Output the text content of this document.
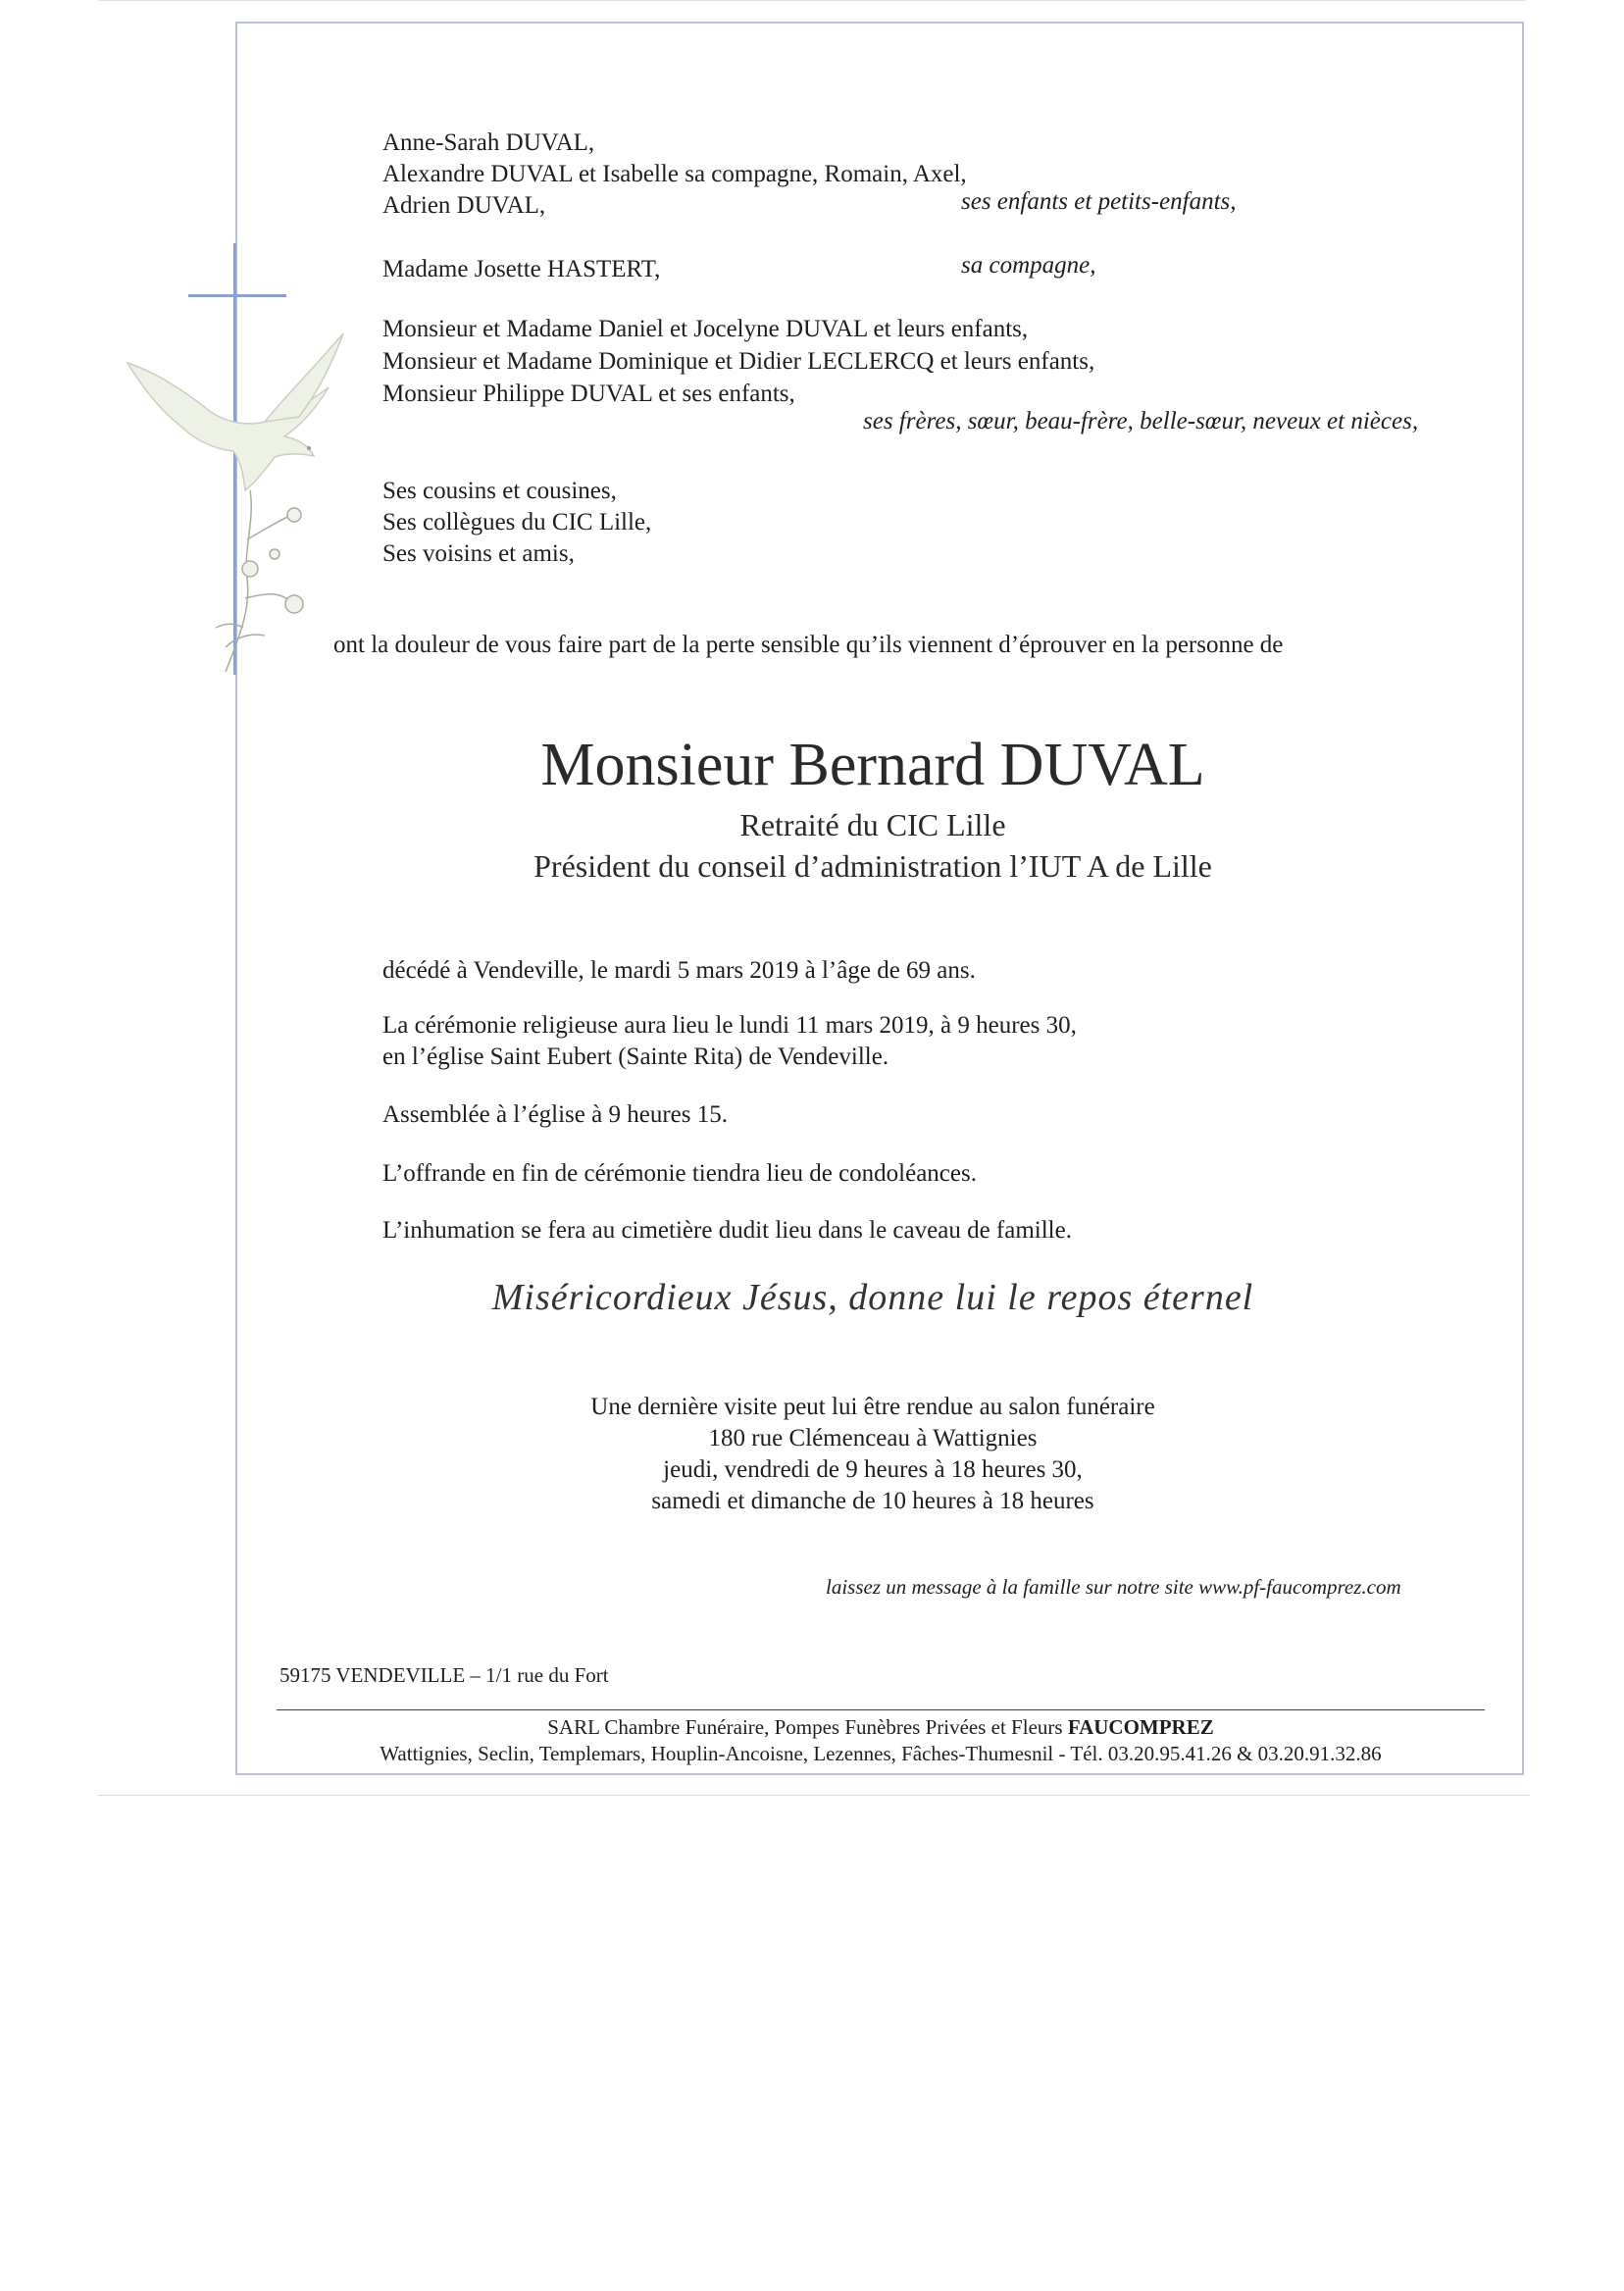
Anne-Sarah DUVAL,
Alexandre DUVAL et Isabelle sa compagne, Romain, Axel,
Adrien DUVAL,	ses enfants et petits-enfants,
Madame Josette HASTERT,	sa compagne,
Monsieur et Madame Daniel et Jocelyne DUVAL et leurs enfants,
Monsieur et Madame Dominique et Didier LECLERCQ et leurs enfants,
Monsieur Philippe DUVAL et ses enfants,
ses frères, sœur, beau-frère, belle-sœur, neveux et nièces,
Ses cousins et cousines,
Ses collègues du CIC Lille,
Ses voisins et amis,
ont la douleur de vous faire part de la perte sensible qu’ils viennent d’éprouver en la personne de
Monsieur Bernard DUVAL
Retraité du CIC Lille
Président du conseil d’administration l’IUT A de Lille
décédé à Vendeville, le mardi 5 mars 2019 à l’âge de 69 ans.
La cérémonie religieuse aura lieu le lundi 11 mars 2019, à 9 heures 30,
en l’église Saint Eubert (Sainte Rita) de Vendeville.
Assemblée à l’église à 9 heures 15.
L’offrande en fin de cérémonie tiendra lieu de condoléances.
L’inhumation se fera au cimetière dudit lieu dans le caveau de famille.
Miséricordieux Jésus, donne lui le repos éternel
Une dernière visite peut lui être rendue au salon funéraire
180 rue Clémenceau à Wattignies
jeudi, vendredi de 9 heures à 18 heures 30,
samedi et dimanche de 10 heures à 18 heures
laissez un message à la famille sur notre site www.pf-faucomprez.com
59175 VENDEVILLE – 1/1 rue du Fort
SARL Chambre Funéraire, Pompes Funèbres Privées et Fleurs FAUCOMPREZ
Wattignies, Seclin, Templemars, Houplin-Ancoisne, Lezennes, Fâches-Thumesnil - Tél. 03.20.95.41.26 & 03.20.91.32.86
